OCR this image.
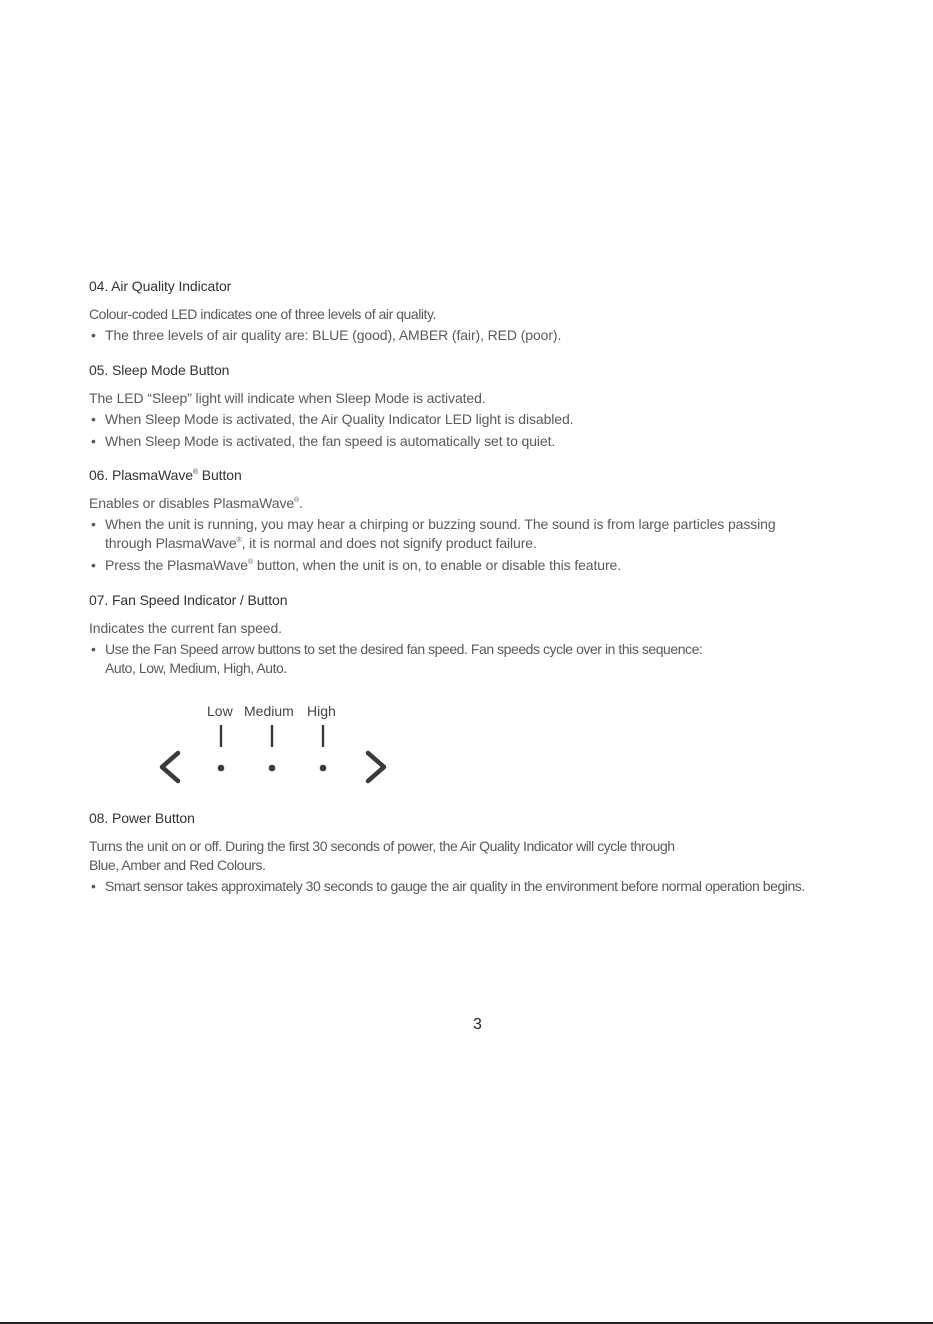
04. Air Quality Indicator
Colour-coded LED indicates one of three levels of air quality.
• The three levels of air quality are: BLUE (good), AMBER (fair), RED (poor).
05. Sleep Mode Button
The LED “Sleep” light will indicate when Sleep Mode is activated.
• When Sleep Mode is activated, the Air Quality Indicator LED light is disabled.
• When Sleep Mode is activated, the fan speed is automatically set to quiet.
06. PlasmaWave® Button
Enables or disables PlasmaWave®.
• When the unit is running, you may hear a chirping or buzzing sound. The sound is from large particles passing
through PlasmaWave®, it is normal and does not signify product failure.
• Press the PlasmaWave® button, when the unit is on, to enable or disable this feature.
07. Fan Speed Indicator / Button
Indicates the current fan speed.
• Use the Fan Speed arrow buttons to set the desired fan speed. Fan speeds cycle over in this sequence:
Auto, Low, Medium, High, Auto.
Low Medium High
08. Power Button
Turns the unit on or off. During the first 30 seconds of power, the Air Quality Indicator will cycle through
Blue, Amber and Red Colours.
• Smart sensor takes approximately 30 seconds to gauge the air quality in the environment before normal operation begins.
3
